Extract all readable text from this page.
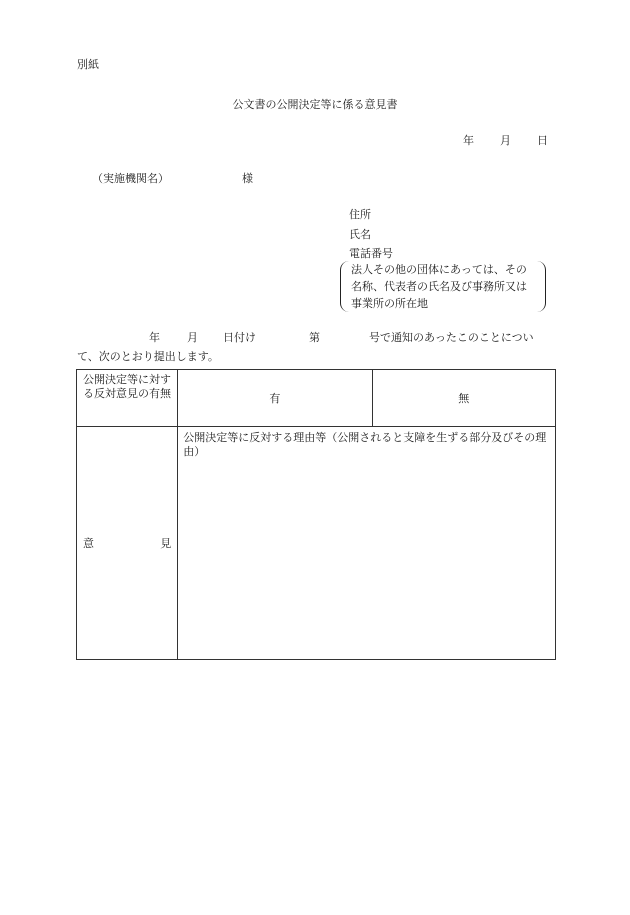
別紙
公文書の公開決定等に係る意見書
年 月 日
（実施機関名）	様
住所
氏名
電話番号
法人その他の団体にあっては、その名称、代表者の氏名及び事務所又は事業所の所在地
年 月 日付け	第	号で通知のあったこのことについ
て、次のとおり提出します。
公開決定等に対する反対意見の有無	有	無

意 見	公開決定等に反対する理由等（公開されると支障を生ずる部分及びその理由）	
